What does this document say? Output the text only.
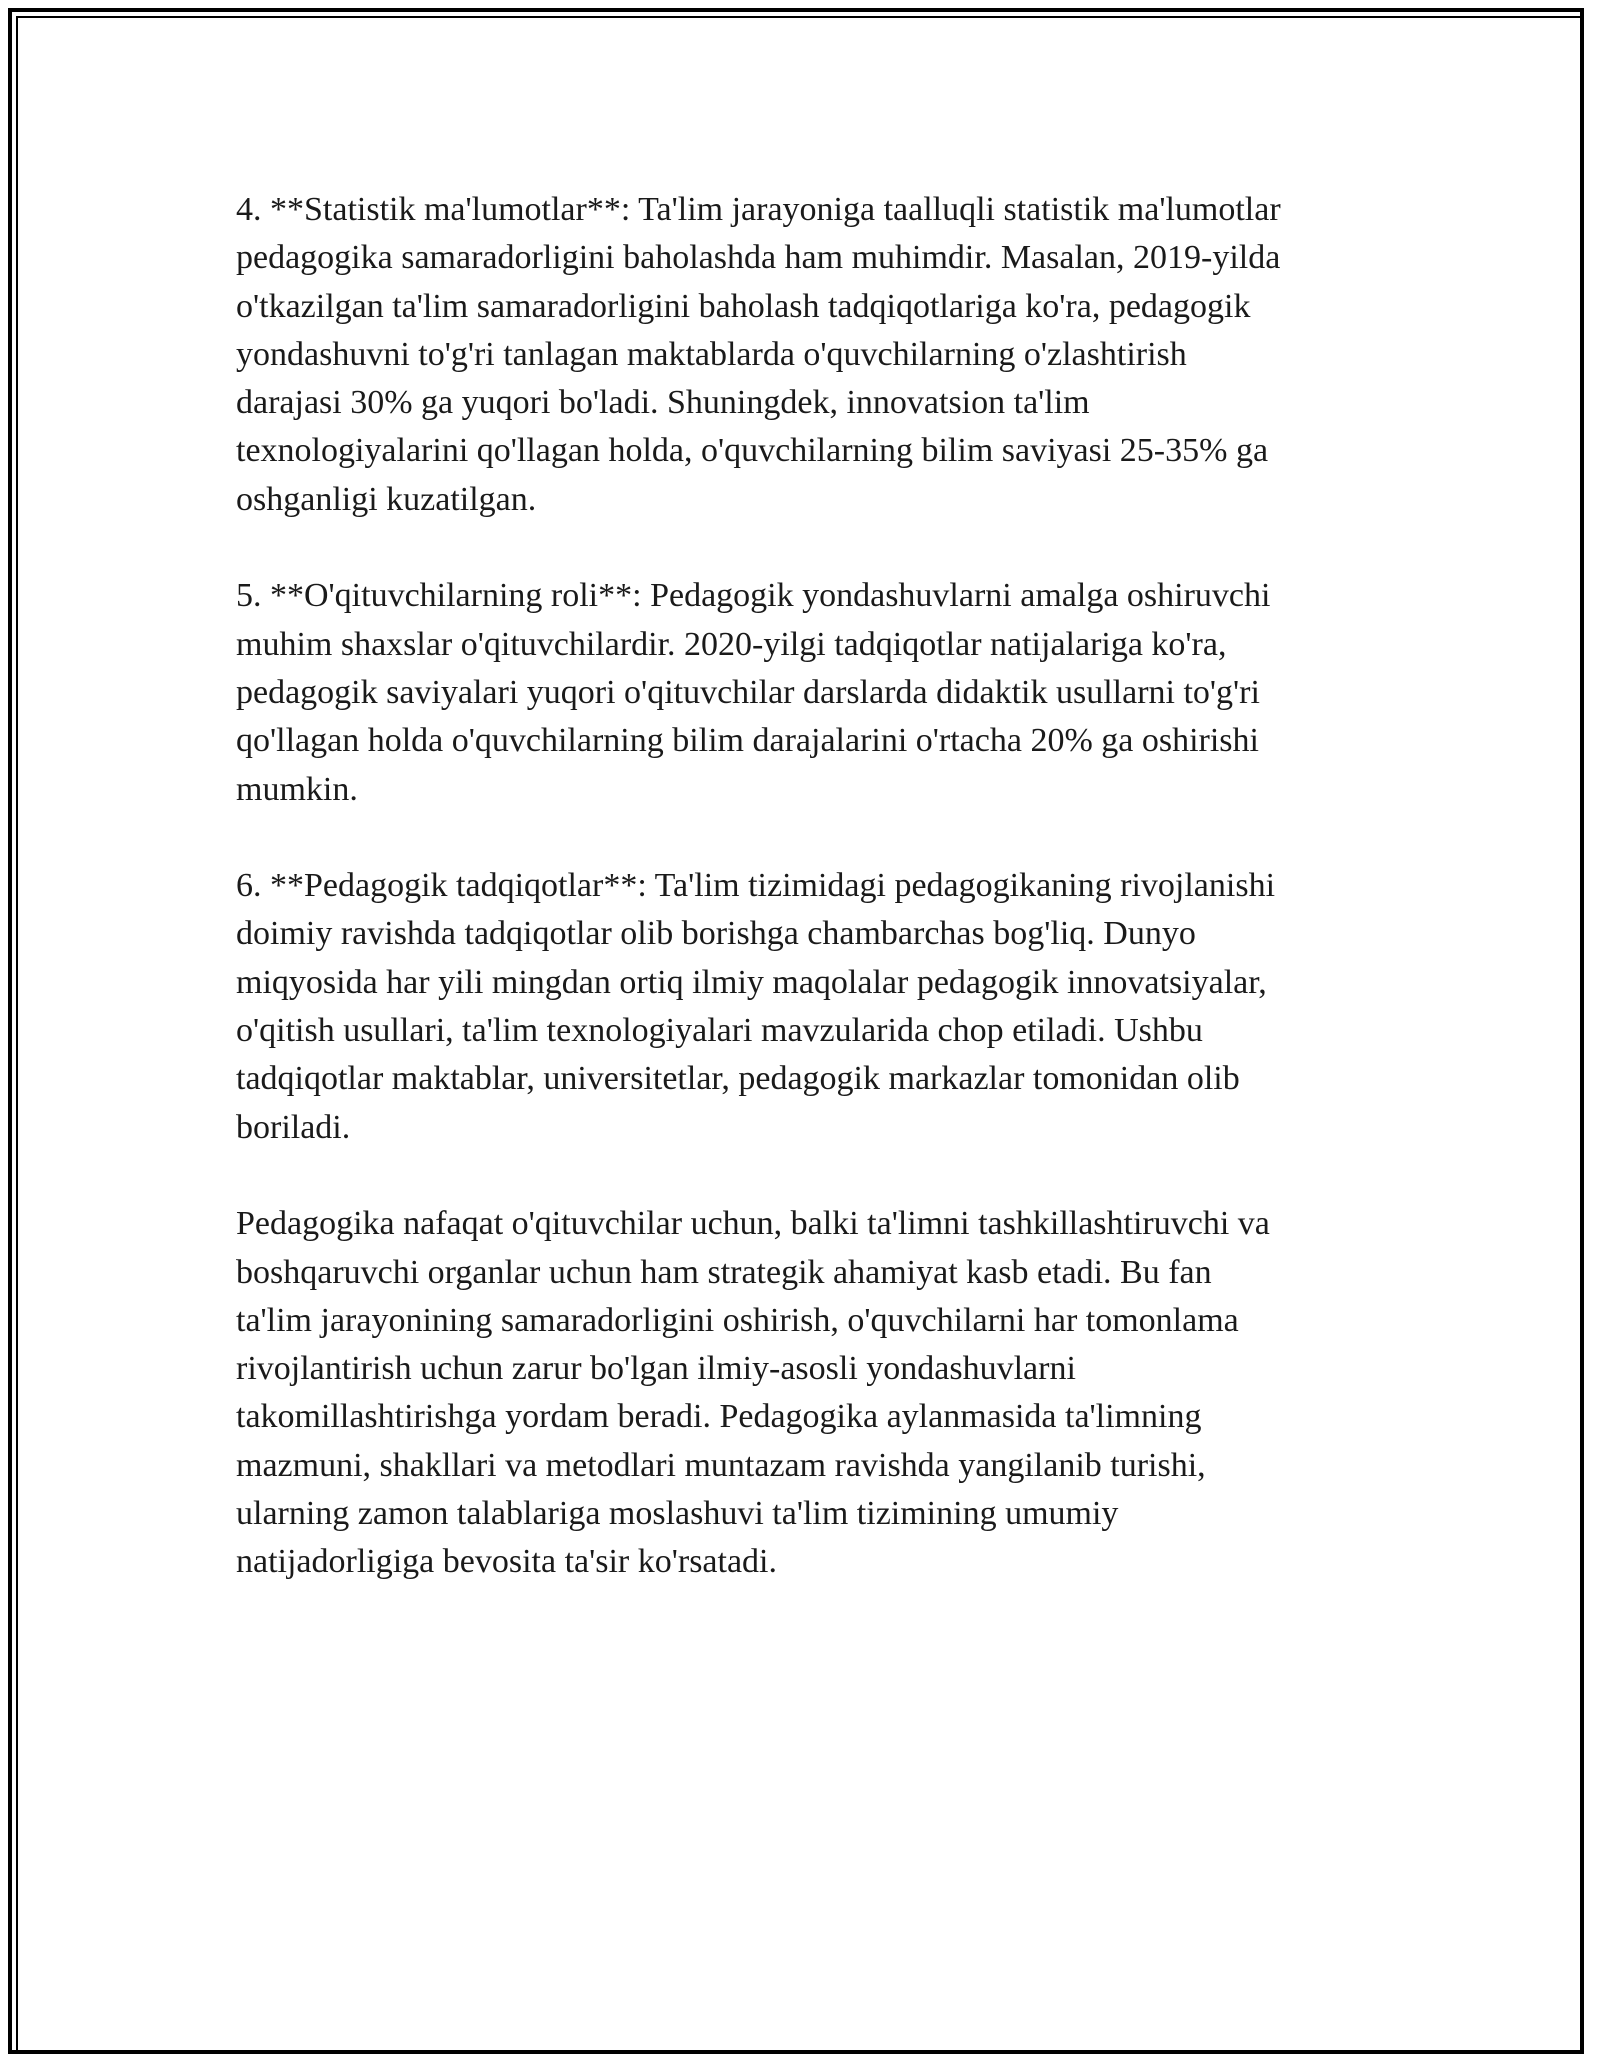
4. **Statistik ma'lumotlar**: Ta'lim jarayoniga taalluqli statistik ma'lumotlar
pedagogika samaradorligini baholashda ham muhimdir. Masalan, 2019-yilda
o'tkazilgan ta'lim samaradorligini baholash tadqiqotlariga ko'ra, pedagogik
yondashuvni to'g'ri tanlagan maktablarda o'quvchilarning o'zlashtirish
darajasi 30% ga yuqori bo'ladi. Shuningdek, innovatsion ta'lim
texnologiyalarini qo'llagan holda, o'quvchilarning bilim saviyasi 25-35% ga
oshganligi kuzatilgan.

5. **O'qituvchilarning roli**: Pedagogik yondashuvlarni amalga oshiruvchi
muhim shaxslar o'qituvchilardir. 2020-yilgi tadqiqotlar natijalariga ko'ra,
pedagogik saviyalari yuqori o'qituvchilar darslarda didaktik usullarni to'g'ri
qo'llagan holda o'quvchilarning bilim darajalarini o'rtacha 20% ga oshirishi
mumkin.

6. **Pedagogik tadqiqotlar**: Ta'lim tizimidagi pedagogikaning rivojlanishi
doimiy ravishda tadqiqotlar olib borishga chambarchas bog'liq. Dunyo
miqyosida har yili mingdan ortiq ilmiy maqolalar pedagogik innovatsiyalar,
o'qitish usullari, ta'lim texnologiyalari mavzularida chop etiladi. Ushbu
tadqiqotlar maktablar, universitetlar, pedagogik markazlar tomonidan olib
boriladi.

Pedagogika nafaqat o'qituvchilar uchun, balki ta'limni tashkillashtiruvchi va
boshqaruvchi organlar uchun ham strategik ahamiyat kasb etadi. Bu fan
ta'lim jarayonining samaradorligini oshirish, o'quvchilarni har tomonlama
rivojlantirish uchun zarur bo'lgan ilmiy-asosli yondashuvlarni
takomillashtirishga yordam beradi. Pedagogika aylanmasida ta'limning
mazmuni, shakllari va metodlari muntazam ravishda yangilanib turishi,
ularning zamon talablariga moslashuvi ta'lim tizimining umumiy
natijadorligiga bevosita ta'sir ko'rsatadi.
